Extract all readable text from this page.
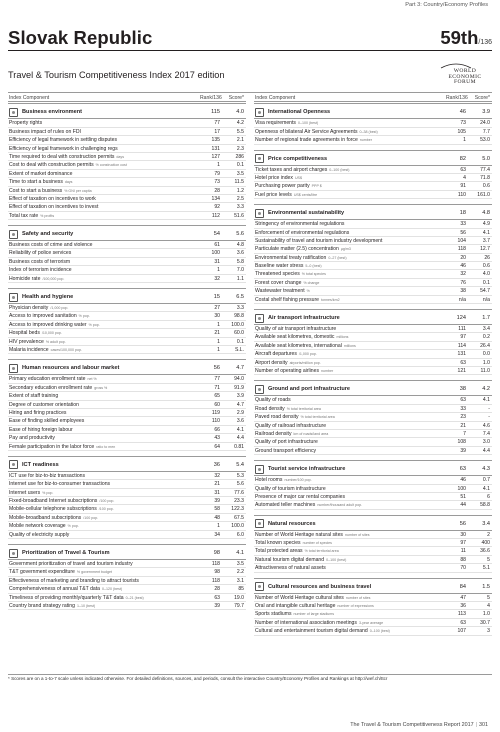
Part 3: Country/Economy Profiles
Slovak Republic	59th/136
Travel & Tourism Competitiveness Index 2017 edition	WORLD
ECONOMIC
FORUM
Index Component	Rank/136	Score*
Business environment	115	4.0
Property rights	77	4.2
Business impact of rules on FDI	17	5.5
Efficiency of legal framework in settling disputes	135	2.1
Efficiency of legal framework in challenging regs	131	2.3
Time required to deal with construction permits days	127	286
Cost to deal with construction permits % construction cost	1	0.1
Extent of market dominance	79	3.5
Time to start a business days	73	11.5
Cost to start a business % GNI per capita	28	1.2
Effect of taxation on incentives to work	134	2.5
Effect of taxation on incentives to invest	92	3.3
Total tax rate % profits	112	51.6
Safety and security	54	5.6
Business costs of crime and violence	61	4.8
Reliability of police services	100	3.6
Business costs of terrorism	31	5.8
Index of terrorism incidence	1	7.0
Homicide rate /100,000 pop.	32	1.1
Health and hygiene	15	6.5
Physician density /1,000 pop.	27	3.3
Access to improved sanitation % pop.	30	98.8
Access to improved drinking water % pop.	1	100.0
Hospital beds /10,000 pop.	21	60.0
HIV prevalence % adult pop.	1	0.1
Malaria incidence cases/100,000 pop.	1	S.L.
Human resources and labour market	56	4.7
Primary education enrollment rate net %	77	94.0
Secondary education enrollment rate gross %	71	91.9
Extent of staff training	65	3.9
Degree of customer orientation	60	4.7
Hiring and firing practices	119	2.9
Ease of finding skilled employees	110	3.6
Ease of hiring foreign labour	66	4.1
Pay and productivity	43	4.4
Female participation in the labor force ratio to men	64	0.81
ICT readiness	36	5.4
ICT use for biz-to-biz transactions	32	5.3
Internet use for biz-to-consumer transactions	21	5.6
Internet users % pop.	31	77.6
Fixed-broadband Internet subscriptions /100 pop.	39	23.3
Mobile-cellular telephone subscriptions /100 pop.	58	122.3
Mobile-broadband subscriptions /100 pop.	48	67.5
Mobile network coverage % pop.	1	100.0
Quality of electricity supply	34	6.0
Prioritization of Travel & Tourism	98	4.1
Government prioritization of travel and tourism industry	118	3.5
T&T government expenditure % government budget	98	2.2
Effectiveness of marketing and branding to attract tourists	118	3.1
Comprehensiveness of annual T&T data 0–120 (best)	28	85
Timeliness of providing monthly/quarterly T&T data 0–21 (best)	63	19.0
Country brand strategy rating 1–10 (best)	39	79.7
Index Component	Rank/136	Score*
International Openness	46	3.9
Visa requirements 0–100 (best)	73	24.0
Openness of bilateral Air Service Agreements 0–38 (best)	105	7.7
Number of regional trade agreements in force number	1	53.0
Price competitiveness	82	5.0
Ticket taxes and airport charges 0–100 (best)	63	77.4
Hotel price index US$	4	71.8
Purchasing power parity PPP $	91	0.6
Fuel price levels US$ cents/litre	110	161.0
Environmental sustainability	18	4.8
Stringency of environmental regulations	33	4.9
Enforcement of environmental regulations	56	4.1
Sustainability of travel and tourism industry development	104	3.7
Particulate matter (2.5) concentration µg/m3	118	12.7
Environmental treaty ratification 0–27 (best)	20	26
Baseline water stress 5–0 (best)	46	0.6
Threatened species % total species	32	4.0
Forest cover change % change	76	0.1
Wastewater treatment %	38	54.7
Costal shelf fishing pressure tonnes/km2	n/a	n/a
Air transport infrastructure	124	1.7
Quality of air transport infrastructure	111	3.4
Available seat kilometres, domestic millions	97	0.2
Available seat kilometres, international millions	114	26.4
Aircraft departures /1,000 pop.	131	0.0
Airport density airports/million pop.	63	1.0
Number of operating airlines number	121	11.0
Ground and port infrastructure	38	4.2
Quality of roads	63	4.1
Road density % total territorial area	33	-
Paved road density % total territorial area	23	-
Quality of railroad infrastructure	21	4.6
Railroad density km of roads/land area	7	7.4
Quality of port infrastructure	108	3.0
Ground transport efficiency	39	4.4
Tourist service infrastructure	63	4.3
Hotel rooms number/100 pop.	46	0.7
Quality of tourism infrastructure	100	4.1
Presence of major car rental companies	51	6
Automated teller machines number/thousand adult pop.	44	58.8
Natural resources	56	3.4
Number of World Heritage natural sites number of sites	30	2
Total known species number of species	97	400
Total protected areas % total territorial area	11	36.6
Natural tourism digital demand 0–100 (best)	88	5
Attractiveness of natural assets	70	5.1
Cultural resources and business travel	84	1.5
Number of World Heritage cultural sites number of sites	47	5
Oral and intangible cultural heritage number of expressions	36	4
Sports stadiums number of large stadiums	113	1.0
Number of international association meetings 3-year average	63	30.7
Cultural and entertainment tourism digital demand 0–100 (best)	107	3
* Scores are on a 1-to-7 scale unless indicated otherwise. For detailed definitions, sources, and periods, consult the interactive Country/Economy Profiles and Rankings at http://wef.ch/ttcr
The Travel & Tourism Competitiveness Report 2017 | 301
